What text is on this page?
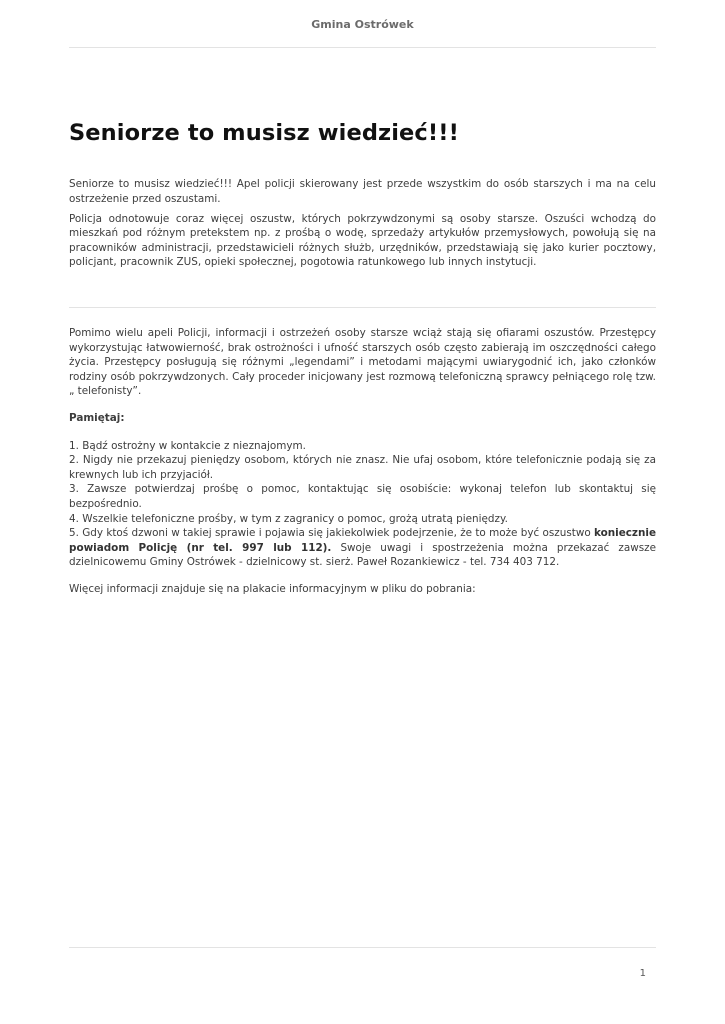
Gmina Ostrówek
Seniorze to musisz wiedzieć!!!

Seniorze to musisz wiedzieć!!! Apel policji skierowany jest przede wszystkim do osób starszych i ma na celu ostrzeżenie przed oszustami.

Policja odnotowuje coraz więcej oszustw, których pokrzywdzonymi są osoby starsze. Oszuści wchodzą do mieszkań pod różnym pretekstem np. z prośbą o wodę, sprzedaży artykułów przemysłowych, powołują się na pracowników administracji, przedstawicieli różnych służb, urzędników, przedstawiają się jako kurier pocztowy, policjant, pracownik ZUS, opieki społecznej, pogotowia ratunkowego lub innych instytucji.

Pomimo wielu apeli Policji, informacji i ostrzeżeń osoby starsze wciąż stają się ofiarami oszustów. Przestępcy wykorzystując łatwowierność, brak ostrożności i ufność starszych osób często zabierają im oszczędności całego życia. Przestępcy posługują się różnymi „legendami” i metodami mającymi uwiarygodnić ich, jako członków rodziny osób pokrzywdzonych. Cały proceder inicjowany jest rozmową telefoniczną sprawcy pełniącego rolę tzw. „ telefonisty”.

Pamiętaj:

1. Bądź ostrożny w kontakcie z nieznajomym.

2. Nigdy nie przekazuj pieniędzy osobom, których nie znasz. Nie ufaj osobom, które telefonicznie podają się za krewnych lub ich przyjaciół.

3. Zawsze potwierdzaj prośbę o pomoc, kontaktując się osobiście: wykonaj telefon lub skontaktuj się bezpośrednio.

4. Wszelkie telefoniczne prośby, w tym z zagranicy o pomoc, grożą utratą pieniędzy.

5. Gdy ktoś dzwoni w takiej sprawie i pojawia się jakiekolwiek podejrzenie, że to może być oszustwo koniecznie powiadom Policję (nr tel. 997 lub 112). Swoje uwagi i spostrzeżenia można przekazać zawsze dzielnicowemu Gminy Ostrówek - dzielnicowy st. sierż. Paweł Rozankiewicz - tel. 734 403 712.

Więcej informacji znajduje się na plakacie informacyjnym w pliku do pobrania:

1
